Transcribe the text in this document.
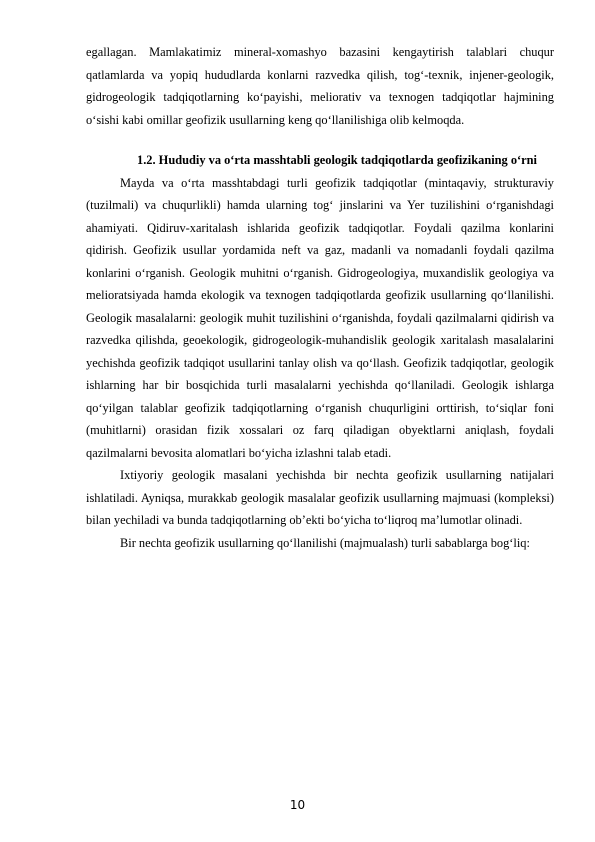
egallagan. Mamlakatimiz mineral-xomashyo bazasini kengaytirish talablari chuqur qatlamlarda va yopiq hududlarda konlarni razvedka qilish, tog‘-texnik, injener-geologik, gidrogeologik tadqiqotlarning ko‘payishi, meliorativ va texnogen tadqiqotlar hajmining o‘sishi kabi omillar geofizik usullarning keng qo‘llanilishiga olib kelmoqda.

1.2. Hududiy va o‘rta masshtabli geologik tadqiqotlarda geofizikaning o‘rni

Mayda va o‘rta masshtabdagi turli geofizik tadqiqotlar (mintaqaviy, strukturaviy (tuzilmali) va chuqurlikli) hamda ularning tog‘ jinslarini va Yer tuzilishini o‘rganishdagi ahamiyati. Qidiruv-xaritalash ishlarida geofizik tadqiqotlar. Foydali qazilma konlarini qidirish. Geofizik usullar yordamida neft va gaz, madanli va nomadanli foydali qazilma konlarini o‘rganish. Geologik muhitni o‘rganish. Gidrogeologiya, muxandislik geologiya va melioratsiyada hamda ekologik va texnogen tadqiqotlarda geofizik usullarning qo‘llanilishi. Geologik masalalarni: geologik muhit tuzilishini o‘rganishda, foydali qazilmalarni qidirish va razvedka qilishda, geoekologik, gidrogeologik-muhandislik geologik xaritalash masalalarini yechishda geofizik tadqiqot usullarini tanlay olish va qo‘llash. Geofizik tadqiqotlar, geologik ishlarning har bir bosqichida turli masalalarni yechishda qo‘llaniladi. Geologik ishlarga qo‘yilgan talablar geofizik tadqiqotlarning o‘rganish chuqurligini orttirish, to‘siqlar foni (muhitlarni) orasidan fizik xossalari oz farq qiladigan obyektlarni aniqlash, foydali qazilmalarni bevosita alomatlari bo‘yicha izlashni talab etadi.

Ixtiyoriy geologik masalani yechishda bir nechta geofizik usullarning natijalari ishlatiladi. Ayniqsa, murakkab geologik masalalar geofizik usullarning majmuasi (kompleksi) bilan yechiladi va bunda tadqiqotlarning ob’ekti bo‘yicha to‘liqroq ma’lumotlar olinadi.

Bir nechta geofizik usullarning qo‘llanilishi (majmualash) turli sabablarga bog‘liq:

10
